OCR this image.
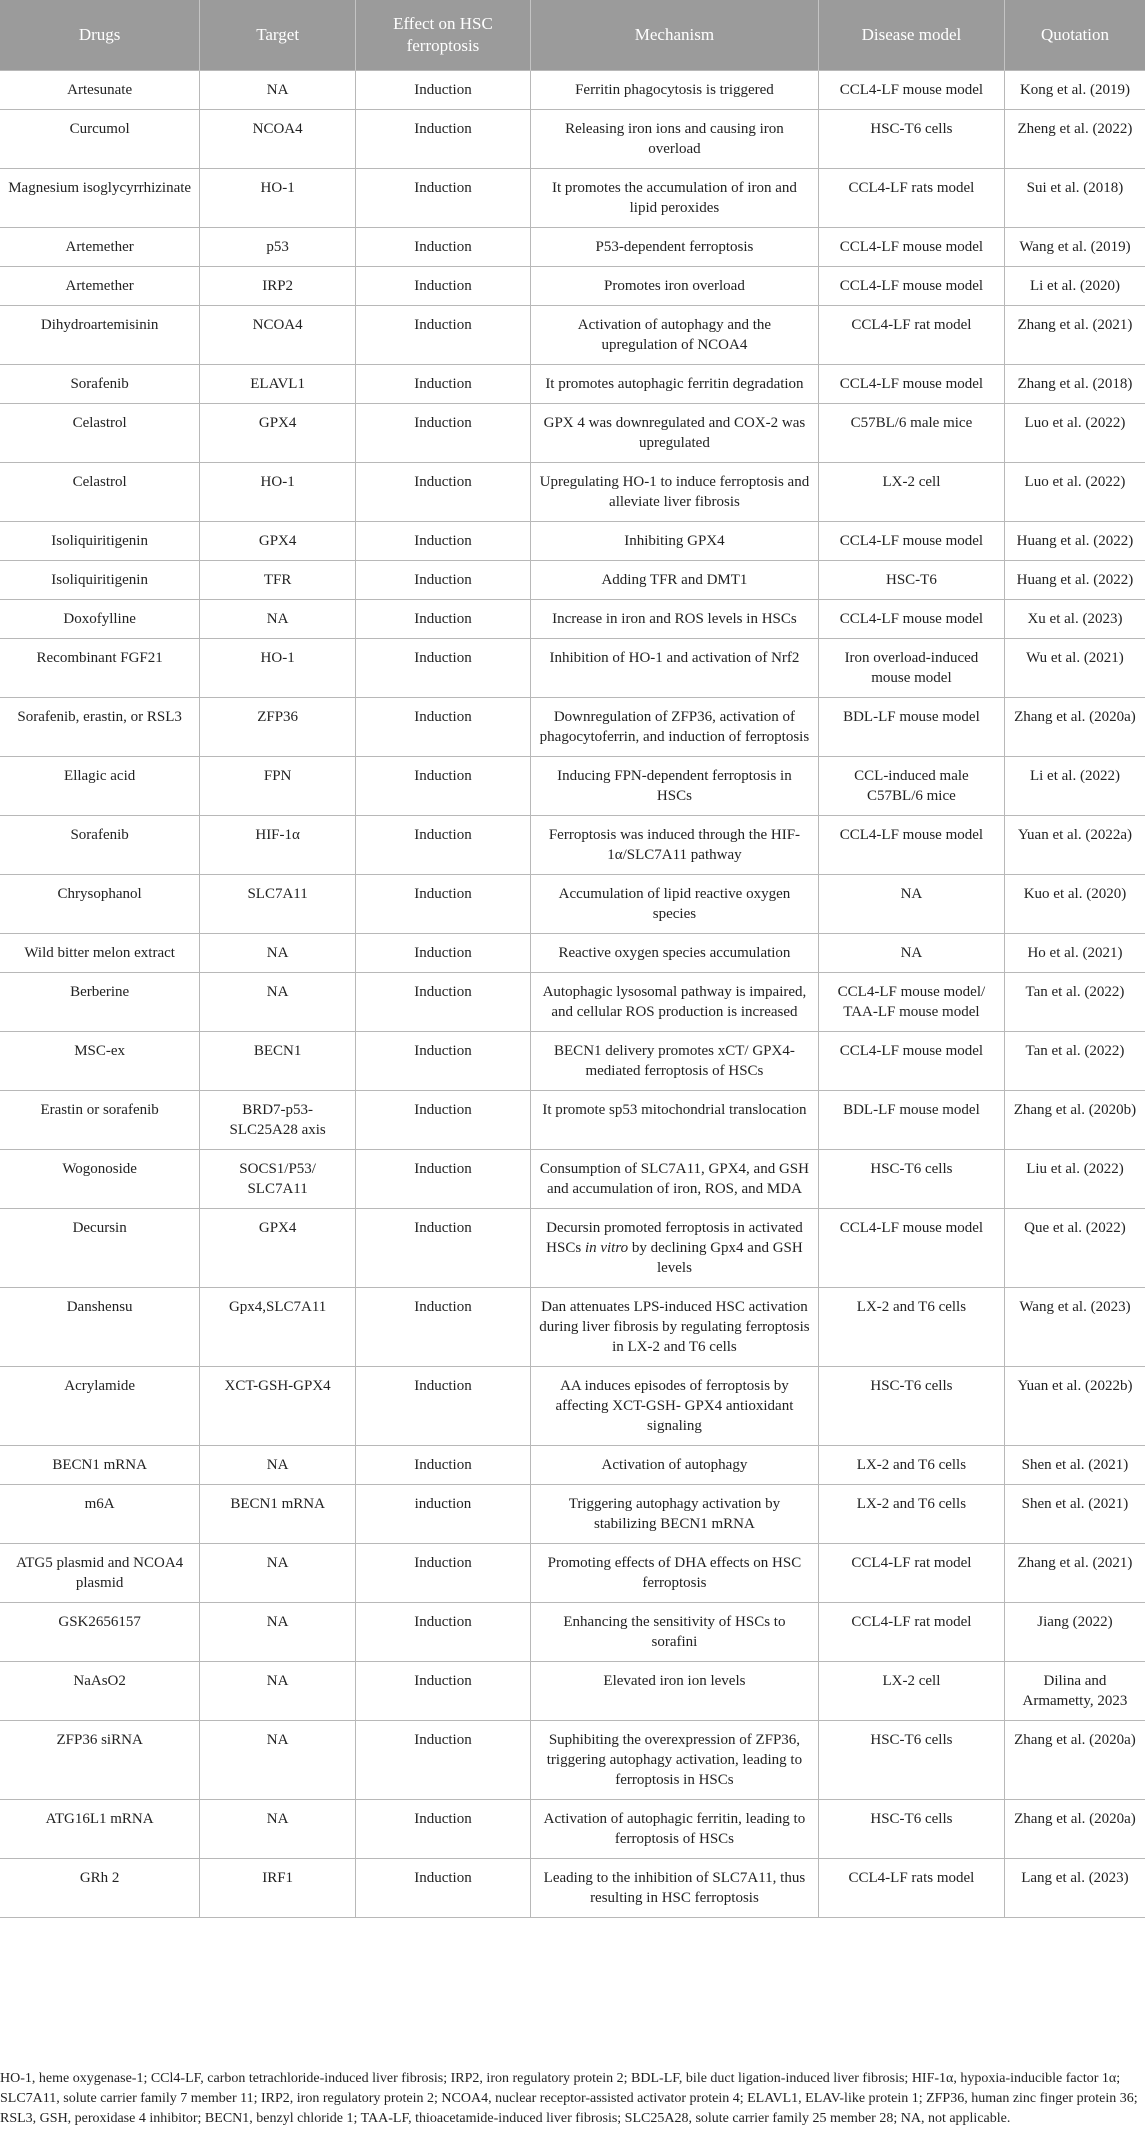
Drugs	Target	Effect on HSC ferroptosis	Mechanism	Disease model	Quotation
Artesunate	NA	Induction	Ferritin phagocytosis is triggered	CCL4-LF mouse model	Kong et al. (2019)
Curcumol	NCOA4	Induction	Releasing iron ions and causing iron overload	HSC-T6 cells	Zheng et al. (2022)
Magnesium isoglycyrrhizinate	HO-1	Induction	It promotes the accumulation of iron and lipid peroxides	CCL4-LF rats model	Sui et al. (2018)
Artemether	p53	Induction	P53-dependent ferroptosis	CCL4-LF mouse model	Wang et al. (2019)
Artemether	IRP2	Induction	Promotes iron overload	CCL4-LF mouse model	Li et al. (2020)
Dihydroartemisinin	NCOA4	Induction	Activation of autophagy and the upregulation of NCOA4	CCL4-LF rat model	Zhang et al. (2021)
Sorafenib	ELAVL1	Induction	It promotes autophagic ferritin degradation	CCL4-LF mouse model	Zhang et al. (2018)
Celastrol	GPX4	Induction	GPX 4 was downregulated and COX-2 was upregulated	C57BL/6 male mice	Luo et al. (2022)
Celastrol	HO-1	Induction	Upregulating HO-1 to induce ferroptosis and alleviate liver fibrosis	LX-2 cell	Luo et al. (2022)
Isoliquiritigenin	GPX4	Induction	Inhibiting GPX4	CCL4-LF mouse model	Huang et al. (2022)
Isoliquiritigenin	TFR	Induction	Adding TFR and DMT1	HSC-T6	Huang et al. (2022)
Doxofylline	NA	Induction	Increase in iron and ROS levels in HSCs	CCL4-LF mouse model	Xu et al. (2023)
Recombinant FGF21	HO-1	Induction	Inhibition of HO-1 and activation of Nrf2	Iron overload-induced mouse model	Wu et al. (2021)
Sorafenib, erastin, or RSL3	ZFP36	Induction	Downregulation of ZFP36, activation of phagocytoferrin, and induction of ferroptosis	BDL-LF mouse model	Zhang et al. (2020a)
Ellagic acid	FPN	Induction	Inducing FPN-dependent ferroptosis in HSCs	CCL-induced male C57BL/6 mice	Li et al. (2022)
Sorafenib	HIF-1α	Induction	Ferroptosis was induced through the HIF-1α/SLC7A11 pathway	CCL4-LF mouse model	Yuan et al. (2022a)
Chrysophanol	SLC7A11	Induction	Accumulation of lipid reactive oxygen species	NA	Kuo et al. (2020)
Wild bitter melon extract	NA	Induction	Reactive oxygen species accumulation	NA	Ho et al. (2021)
Berberine	NA	Induction	Autophagic lysosomal pathway is impaired, and cellular ROS production is increased	CCL4-LF mouse model/ TAA-LF mouse model	Tan et al. (2022)
MSC-ex	BECN1	Induction	BECN1 delivery promotes xCT/ GPX4-mediated ferroptosis of HSCs	CCL4-LF mouse model	Tan et al. (2022)
Erastin or sorafenib	BRD7-p53-SLC25A28 axis	Induction	It promote sp53 mitochondrial translocation	BDL-LF mouse model	Zhang et al. (2020b)
Wogonoside	SOCS1/P53/ SLC7A11	Induction	Consumption of SLC7A11, GPX4, and GSH and accumulation of iron, ROS, and MDA	HSC-T6 cells	Liu et al. (2022)
Decursin	GPX4	Induction	Decursin promoted ferroptosis in activated HSCs in vitro by declining Gpx4 and GSH levels	CCL4-LF mouse model	Que et al. (2022)
Danshensu	Gpx4,SLC7A11	Induction	Dan attenuates LPS-induced HSC activation during liver fibrosis by regulating ferroptosis in LX-2 and T6 cells	LX-2 and T6 cells	Wang et al. (2023)
Acrylamide	XCT-GSH-GPX4	Induction	AA induces episodes of ferroptosis by affecting XCT-GSH- GPX4 antioxidant signaling	HSC-T6 cells	Yuan et al. (2022b)
BECN1 mRNA	NA	Induction	Activation of autophagy	LX-2 and T6 cells	Shen et al. (2021)
m6A	BECN1 mRNA	induction	Triggering autophagy activation by stabilizing BECN1 mRNA	LX-2 and T6 cells	Shen et al. (2021)
ATG5 plasmid and NCOA4 plasmid	NA	Induction	Promoting effects of DHA effects on HSC ferroptosis	CCL4-LF rat model	Zhang et al. (2021)
GSK2656157	NA	Induction	Enhancing the sensitivity of HSCs to sorafini	CCL4-LF rat model	Jiang (2022)
NaAsO2	NA	Induction	Elevated iron ion levels	LX-2 cell	Dilina and Armametty, 2023
ZFP36 siRNA	NA	Induction	Suphibiting the overexpression of ZFP36, triggering autophagy activation, leading to ferroptosis in HSCs	HSC-T6 cells	Zhang et al. (2020a)
ATG16L1 mRNA	NA	Induction	Activation of autophagic ferritin, leading to ferroptosis of HSCs	HSC-T6 cells	Zhang et al. (2020a)
GRh 2	IRF1	Induction	Leading to the inhibition of SLC7A11, thus resulting in HSC ferroptosis	CCL4-LF rats model	Lang et al. (2023)

HO-1, heme oxygenase-1; CCl4-LF, carbon tetrachloride-induced liver fibrosis; IRP2, iron regulatory protein 2; BDL-LF, bile duct ligation-induced liver fibrosis; HIF-1α, hypoxia-inducible factor 1α; SLC7A11, solute carrier family 7 member 11; IRP2, iron regulatory protein 2; NCOA4, nuclear receptor-assisted activator protein 4; ELAVL1, ELAV-like protein 1; ZFP36, human zinc finger protein 36; RSL3, GSH, peroxidase 4 inhibitor; BECN1, benzyl chloride 1; TAA-LF, thioacetamide-induced liver fibrosis; SLC25A28, solute carrier family 25 member 28; NA, not applicable.
